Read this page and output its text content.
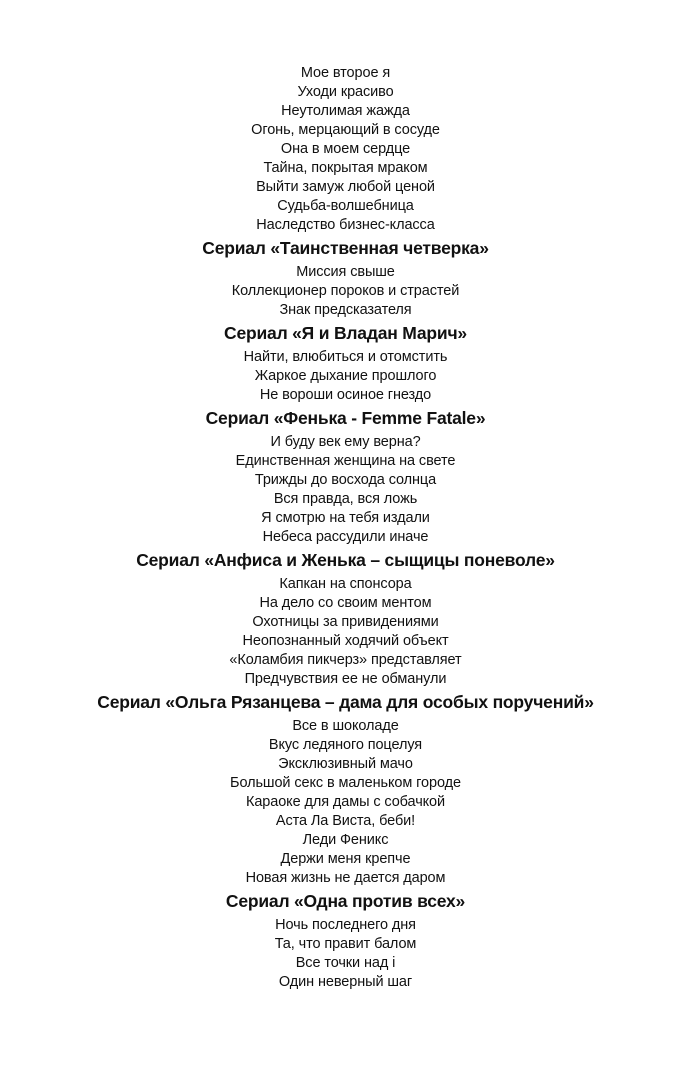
Мое второе я
Уходи красиво
Неутолимая жажда
Огонь, мерцающий в сосуде
Она в моем сердце
Тайна, покрытая мраком
Выйти замуж любой ценой
Судьба-волшебница
Наследство бизнес-класса
Сериал «Таинственная четверка»
Миссия свыше
Коллекционер пороков и страстей
Знак предсказателя
Сериал «Я и Владан Марич»
Найти, влюбиться и отомстить
Жаркое дыхание прошлого
Не вороши осиное гнездо
Сериал «Фенька - Femme Fatale»
И буду век ему верна?
Единственная женщина на свете
Трижды до восхода солнца
Вся правда, вся ложь
Я смотрю на тебя издали
Небеса рассудили иначе
Сериал «Анфиса и Женька – сыщицы поневоле»
Капкан на спонсора
На дело со своим ментом
Охотницы за привидениями
Неопознанный ходячий объект
«Коламбия пикчерз» представляет
Предчувствия ее не обманули
Сериал «Ольга Рязанцева – дама для особых поручений»
Все в шоколаде
Вкус ледяного поцелуя
Эксклюзивный мачо
Большой секс в маленьком городе
Караоке для дамы с собачкой
Аста Ла Виста, беби!
Леди Феникс
Держи меня крепче
Новая жизнь не дается даром
Сериал «Одна против всех»
Ночь последнего дня
Та, что правит балом
Все точки над i
Один неверный шаг
